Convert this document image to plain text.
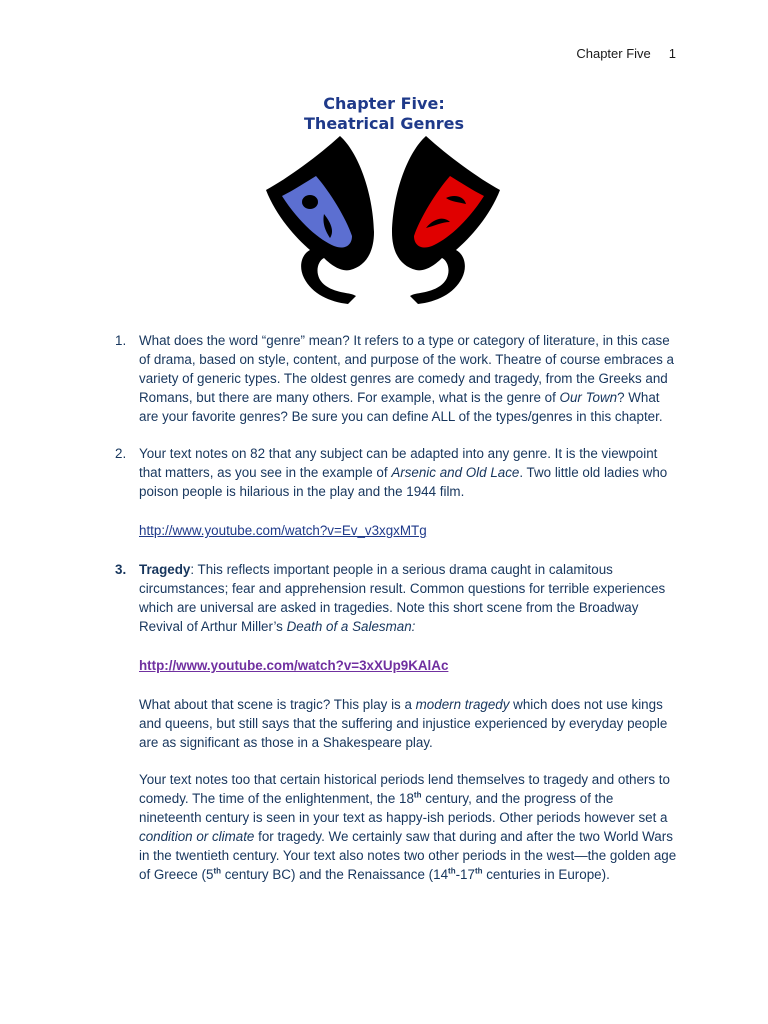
Chapter Five 1
Chapter Five:
Theatrical Genres
1. What does the word “genre” mean? It refers to a type or category of literature, in this case of drama, based on style, content, and purpose of the work. Theatre of course embraces a variety of generic types. The oldest genres are comedy and tragedy, from the Greeks and Romans, but there are many others. For example, what is the genre of Our Town? What are your favorite genres? Be sure you can define ALL of the types/genres in this chapter.
2. Your text notes on 82 that any subject can be adapted into any genre. It is the viewpoint that matters, as you see in the example of Arsenic and Old Lace. Two little old ladies who poison people is hilarious in the play and the 1944 film.
http://www.youtube.com/watch?v=Ev_v3xgxMTg
3. Tragedy: This reflects important people in a serious drama caught in calamitous circumstances; fear and apprehension result. Common questions for terrible experiences which are universal are asked in tragedies. Note this short scene from the Broadway Revival of Arthur Miller’s Death of a Salesman:
http://www.youtube.com/watch?v=3xXUp9KAlAc
What about that scene is tragic? This play is a modern tragedy which does not use kings and queens, but still says that the suffering and injustice experienced by everyday people are as significant as those in a Shakespeare play.
Your text notes too that certain historical periods lend themselves to tragedy and others to comedy. The time of the enlightenment, the 18th century, and the progress of the nineteenth century is seen in your text as happy-ish periods. Other periods however set a condition or climate for tragedy. We certainly saw that during and after the two World Wars in the twentieth century. Your text also notes two other periods in the west—the golden age of Greece (5th century BC) and the Renaissance (14th-17th centuries in Europe).
